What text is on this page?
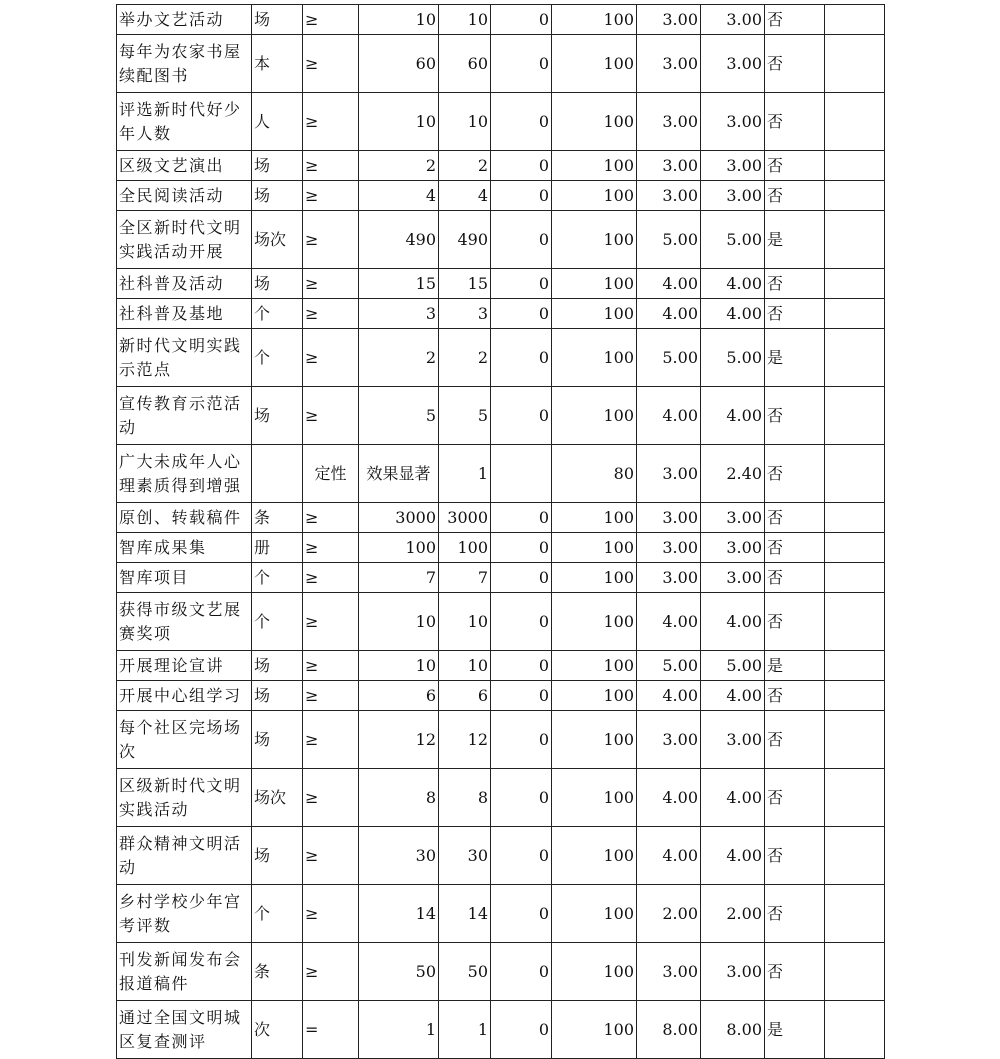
举办文艺活动	场	≥	10	10	0	100	3.00	3.00	否	
每年为农家书屋续配图书	本	≥	60	60	0	100	3.00	3.00	否	
评选新时代好少年人数	人	≥	10	10	0	100	3.00	3.00	否	
区级文艺演出	场	≥	2	2	0	100	3.00	3.00	否	
全民阅读活动	场	≥	4	4	0	100	3.00	3.00	否	
全区新时代文明实践活动开展	场次	≥	490	490	0	100	5.00	5.00	是	
社科普及活动	场	≥	15	15	0	100	4.00	4.00	否	
社科普及基地	个	≥	3	3	0	100	4.00	4.00	否	
新时代文明实践示范点	个	≥	2	2	0	100	5.00	5.00	是	
宣传教育示范活动	场	≥	5	5	0	100	4.00	4.00	否	
广大未成年人心理素质得到增强		定性	效果显著	1		80	3.00	2.40	否	
原创、转载稿件	条	≥	3000	3000	0	100	3.00	3.00	否	
智库成果集	册	≥	100	100	0	100	3.00	3.00	否	
智库项目	个	≥	7	7	0	100	3.00	3.00	否	
获得市级文艺展赛奖项	个	≥	10	10	0	100	4.00	4.00	否	
开展理论宣讲	场	≥	10	10	0	100	5.00	5.00	是	
开展中心组学习	场	≥	6	6	0	100	4.00	4.00	否	
每个社区完场场次	场	≥	12	12	0	100	3.00	3.00	否	
区级新时代文明实践活动	场次	≥	8	8	0	100	4.00	4.00	否	
群众精神文明活动	场	≥	30	30	0	100	4.00	4.00	否	
乡村学校少年宫考评数	个	≥	14	14	0	100	2.00	2.00	否	
刊发新闻发布会报道稿件	条	≥	50	50	0	100	3.00	3.00	否	
通过全国文明城区复查测评	次	=	1	1	0	100	8.00	8.00	是	
